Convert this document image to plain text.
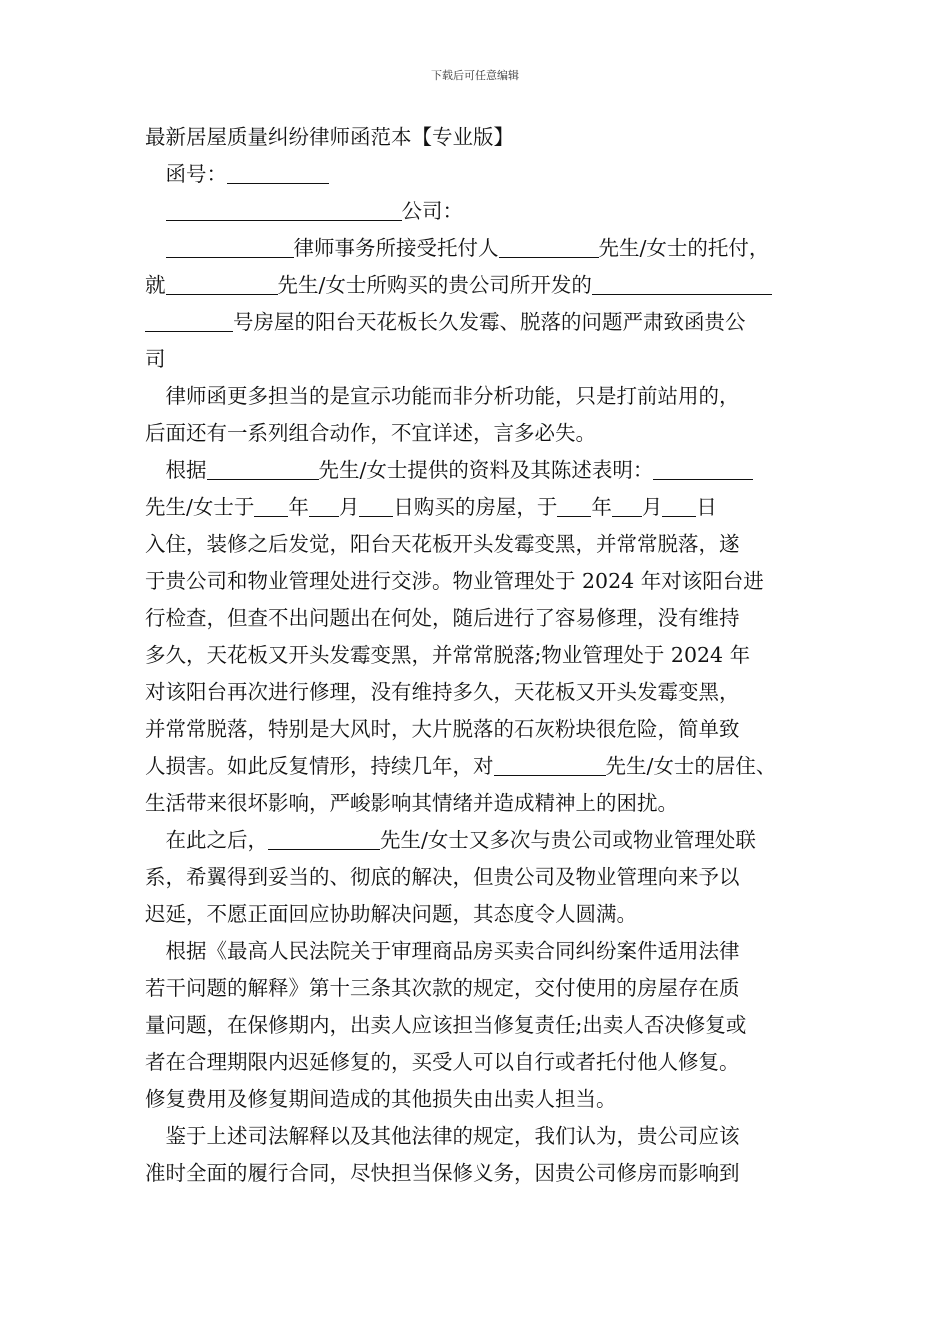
下载后可任意编辑
最新居屋质量纠纷律师函范本【专业版】
　函号：
　公司：
　律师事务所接受托付人	先生/女士的托付，
就	先生/女士所购买的贵公司所开发的
号房屋的阳台天花板长久发霉、脱落的问题严肃致函贵公
司
　律师函更多担当的是宣示功能而非分析功能，只是打前站用的，
后面还有一系列组合动作，不宜详述，言多必失。
　根据	先生/女士提供的资料及其陈述表明：
先生/女士于 年 月 日购买的房屋，于 年 月 日
入住，装修之后发觉，阳台天花板开头发霉变黑，并常常脱落，遂
于贵公司和物业管理处进行交涉。物业管理处于 2024 年对该阳台进
行检查，但查不出问题出在何处，随后进行了容易修理，没有维持
多久，天花板又开头发霉变黑，并常常脱落;物业管理处于 2024 年
对该阳台再次进行修理，没有维持多久，天花板又开头发霉变黑，
并常常脱落，特别是大风时，大片脱落的石灰粉块很危险，简单致
人损害。如此反复情形，持续几年，对	先生/女士的居住、
生活带来很坏影响，严峻影响其情绪并造成精神上的困扰。
　在此之后，	先生/女士又多次与贵公司或物业管理处联
系，希翼得到妥当的、彻底的解决，但贵公司及物业管理向来予以
迟延，不愿正面回应协助解决问题，其态度令人圆满。
　根据《最高人民法院关于审理商品房买卖合同纠纷案件适用法律
若干问题的解释》第十三条其次款的规定，交付使用的房屋存在质
量问题，在保修期内，出卖人应该担当修复责任;出卖人否决修复或
者在合理期限内迟延修复的，买受人可以自行或者托付他人修复。
修复费用及修复期间造成的其他损失由出卖人担当。
　鉴于上述司法解释以及其他法律的规定，我们认为，贵公司应该
准时全面的履行合同，尽快担当保修义务，因贵公司修房而影响到
